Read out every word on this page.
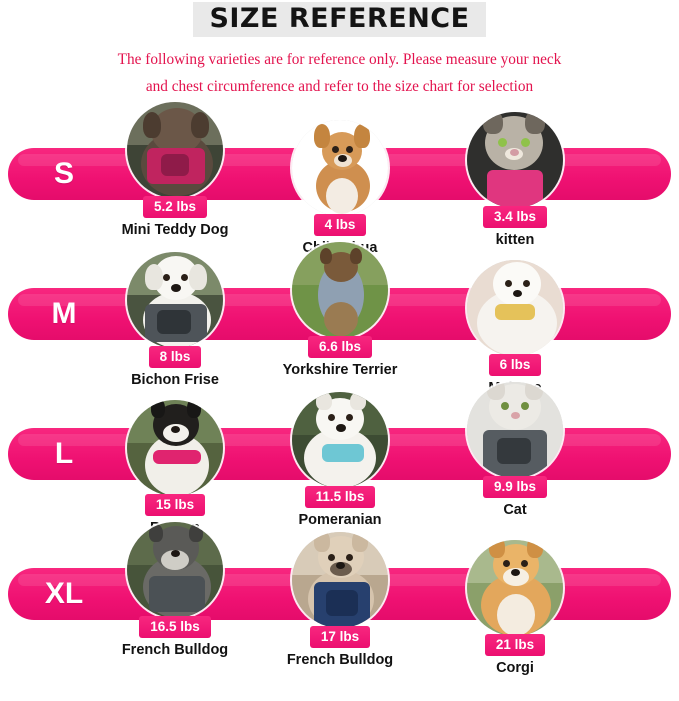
SIZE REFERENCE
The following varieties are for reference only. Please measure your neck
and chest circumference and refer to the size chart for selection
S
5.2 lbs
Mini Teddy Dog	4 lbs
3.4 lbs
kitten
M
8 lbs
Bichon Frise
6.6 lbs
Yorkshire Terrier	6 lbs
L
15 lbs
11.5 lbs
Pomeranian
9.9 lbs
Cat
XL
16.5 lbs
French Bulldog
17 lbs
French Bulldog
21 lbs
Corgi
